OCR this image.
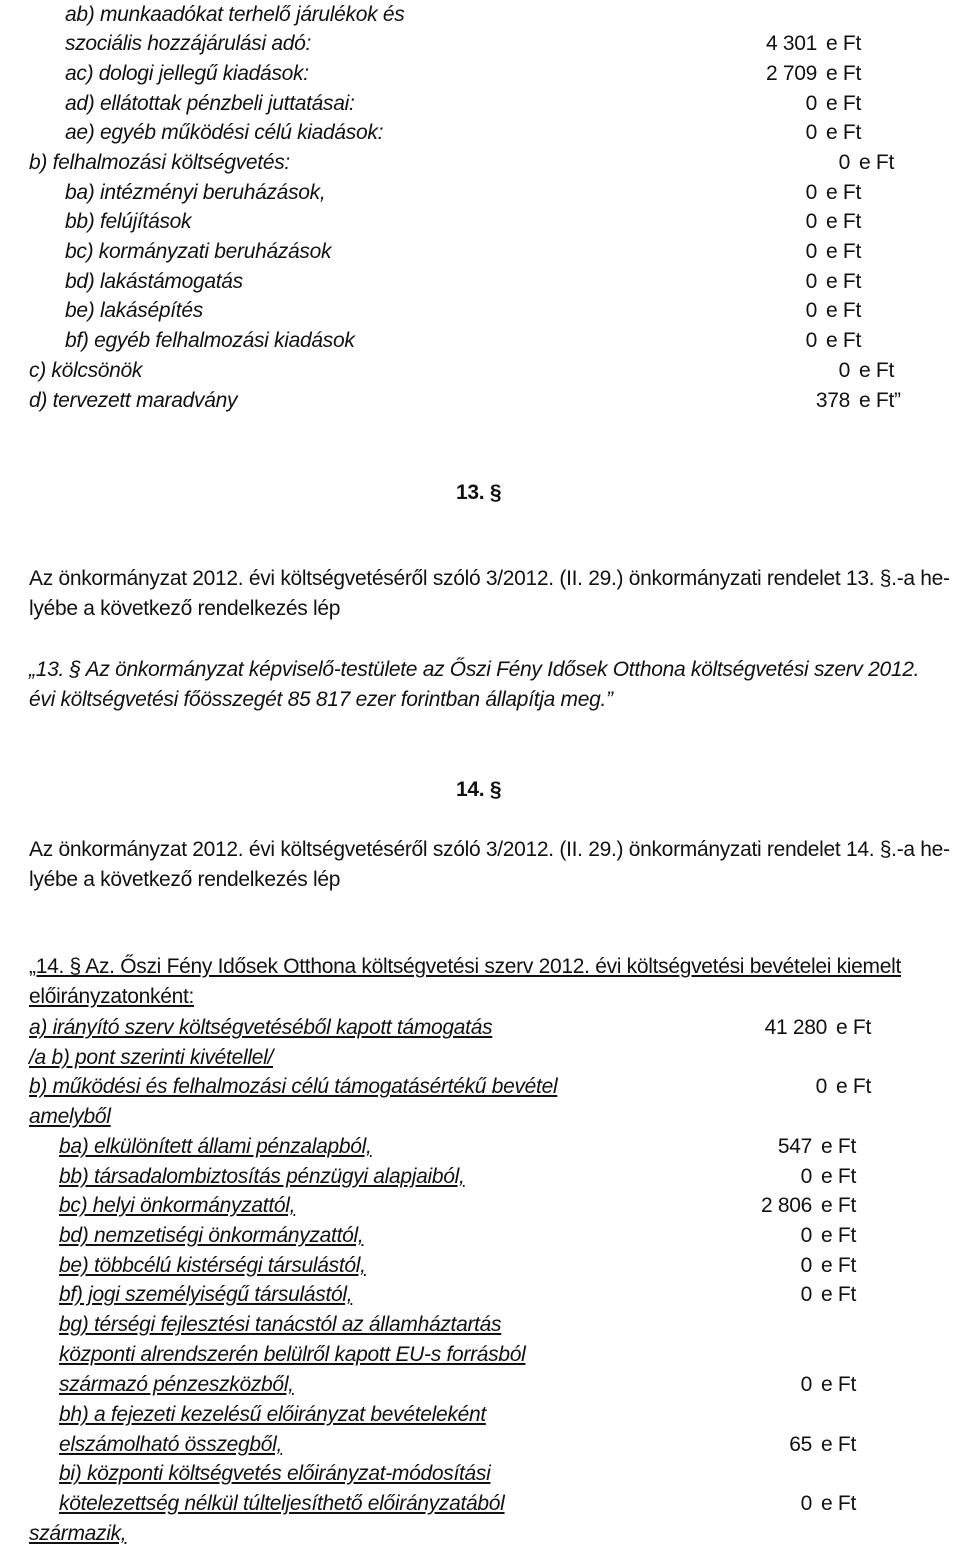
ab) munkaadókat terhelő járulékok és
szociális hozzájárulási adó:	4 301 e Ft
ac) dologi jellegű kiadások:	2 709 e Ft
ad) ellátottak pénzbeli juttatásai:	0 e Ft
ae) egyéb működési célú kiadások:	0 e Ft
b) felhalmozási költségvetés:	0 e Ft
ba) intézményi beruházások,	0 e Ft
bb) felújítások	0 e Ft
bc) kormányzati beruházások	0 e Ft
bd) lakástámogatás	0 e Ft
be) lakásépítés	0 e Ft
bf) egyéb felhalmozási kiadások	0 e Ft
c) kölcsönök	0 e Ft
d) tervezett maradvány	378 e Ft”
13. §
Az önkormányzat 2012. évi költségvetéséről szóló 3/2012. (II. 29.) önkormányzati rendelet 13. §.-a he-
lyébe a következő rendelkezés lép
„13. § Az önkormányzat képviselő-testülete az Őszi Fény Idősek Otthona költségvetési szerv 2012.
évi költségvetési főösszegét 85 817 ezer forintban állapítja meg.”
14. §
Az önkormányzat 2012. évi költségvetéséről szóló 3/2012. (II. 29.) önkormányzati rendelet 14. §.-a he-
lyébe a következő rendelkezés lép
„14. § Az. Őszi Fény Idősek Otthona költségvetési szerv 2012. évi költségvetési bevételei kiemelt
előirányzatonként:
a) irányító szerv költségvetéséből kapott támogatás	41 280 e Ft
/a b) pont szerinti kivétellel/
b) működési és felhalmozási célú támogatásértékű bevétel	0 e Ft
amelyből
ba) elkülönített állami pénzalapból,	547 e Ft
bb) társadalombiztosítás pénzügyi alapjaiból,	0 e Ft
bc) helyi önkormányzattól,	2 806 e Ft
bd) nemzetiségi önkormányzattól,	0 e Ft
be) többcélú kistérségi társulástól,	0 e Ft
bf) jogi személyiségű társulástól,	0 e Ft
bg) térségi fejlesztési tanácstól az államháztartás
központi alrendszerén belülről kapott EU-s forrásból
származó pénzeszközből,	0 e Ft
bh) a fejezeti kezelésű előirányzat bevételeként
elszámolható összegből,	65 e Ft
bi) központi költségvetés előirányzat-módosítási
kötelezettség nélkül túlteljesíthető előirányzatából	0 e Ft
származik,
